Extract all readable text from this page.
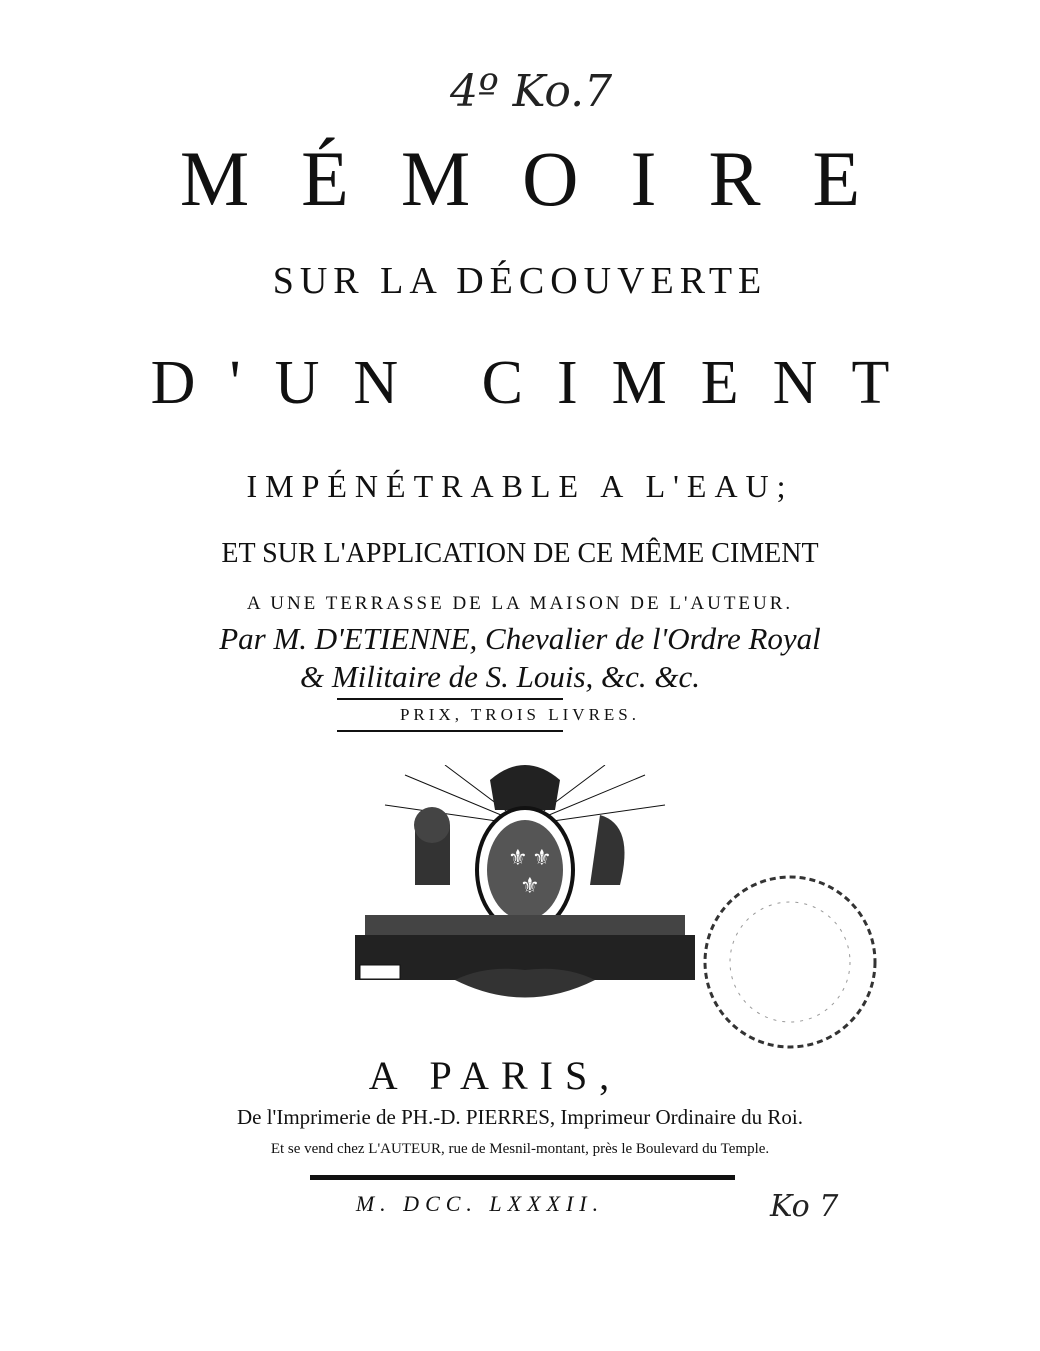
4º Ko.7
MÉMOIRE
SUR LA DÉCOUVERTE
D'UN CIMENT
IMPÉNÉTRABLE A L'EAU;
ET SUR L'APPLICATION DE CE MÊME CIMENT
A UNE TERRASSE DE LA MAISON DE L'AUTEUR.
Par M. D'ETIENNE, Chevalier de l'Ordre Royal
& Militaire de S. Louis, &c. &c.
PRIX, TROIS LIVRES.
⚜ ⚜
⚜
A PARIS,
De l'Imprimerie de PH.-D. PIERRES, Imprimeur Ordinaire du Roi.
Et se vend chez L'AUTEUR, rue de Mesnil-montant, près le Boulevard du Temple.
M. DCC. LXXXII.	Ko 7
